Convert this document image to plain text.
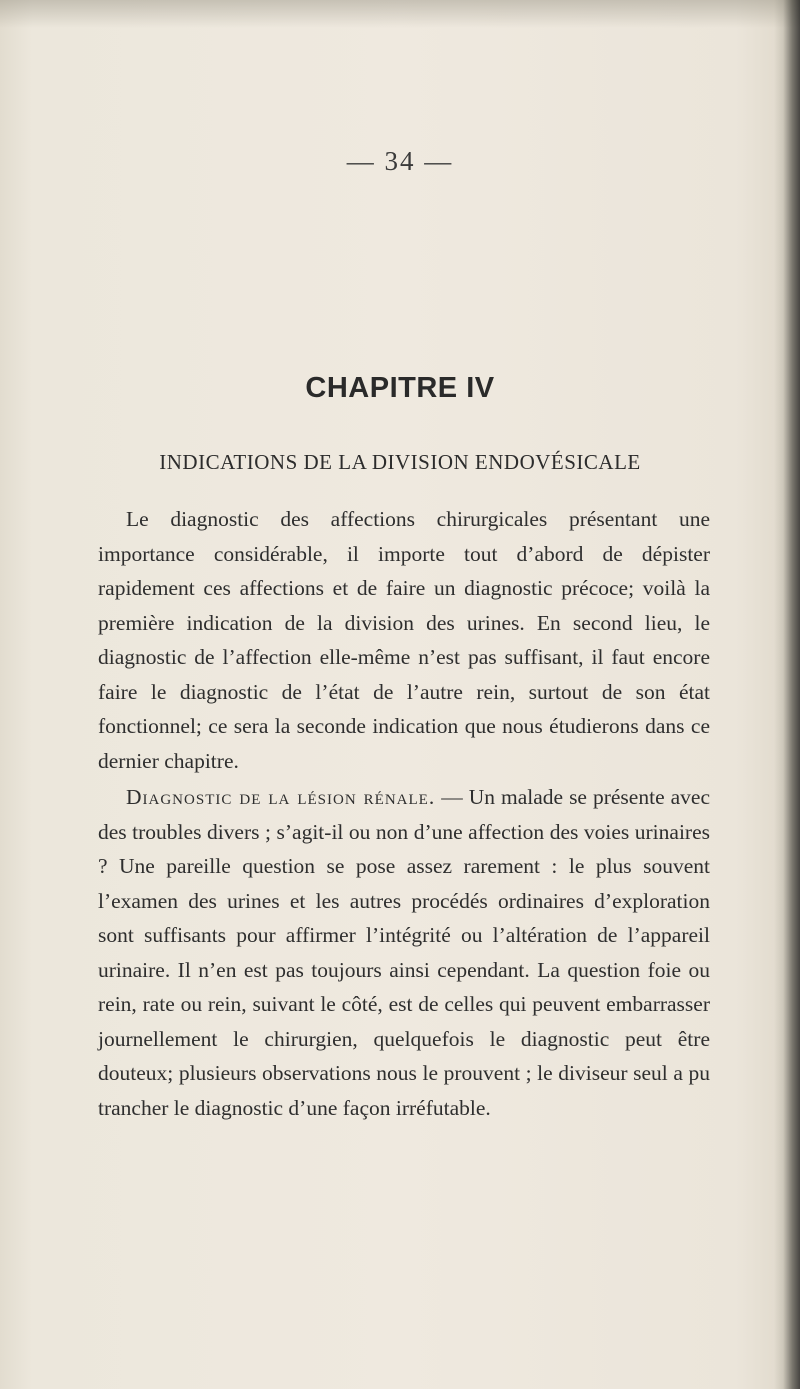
— 34 —
CHAPITRE IV
INDICATIONS DE LA DIVISION ENDOVÉSICALE

Le diagnostic des affections chirurgicales présentant une importance considérable, il importe tout d’abord de dépister rapidement ces affections et de faire un diagnostic précoce; voilà la première indication de la division des urines. En second lieu, le diagnostic de l’affection elle-même n’est pas suffisant, il faut encore faire le diagnostic de l’état de l’autre rein, surtout de son état fonctionnel; ce sera la seconde indication que nous étudierons dans ce dernier chapitre.

Diagnostic de la lésion rénale. — Un malade se présente avec des troubles divers ; s’agit-il ou non d’une affection des voies urinaires ? Une pareille question se pose assez rarement : le plus souvent l’examen des urines et les autres procédés ordinaires d’exploration sont suffisants pour affirmer l’intégrité ou l’altération de l’appareil urinaire. Il n’en est pas toujours ainsi cependant. La question foie ou rein, rate ou rein, suivant le côté, est de celles qui peuvent embarrasser journellement le chirurgien, quelquefois le diagnostic peut être douteux; plusieurs observations nous le prouvent ; le diviseur seul a pu trancher le diagnostic d’une façon irréfutable.
